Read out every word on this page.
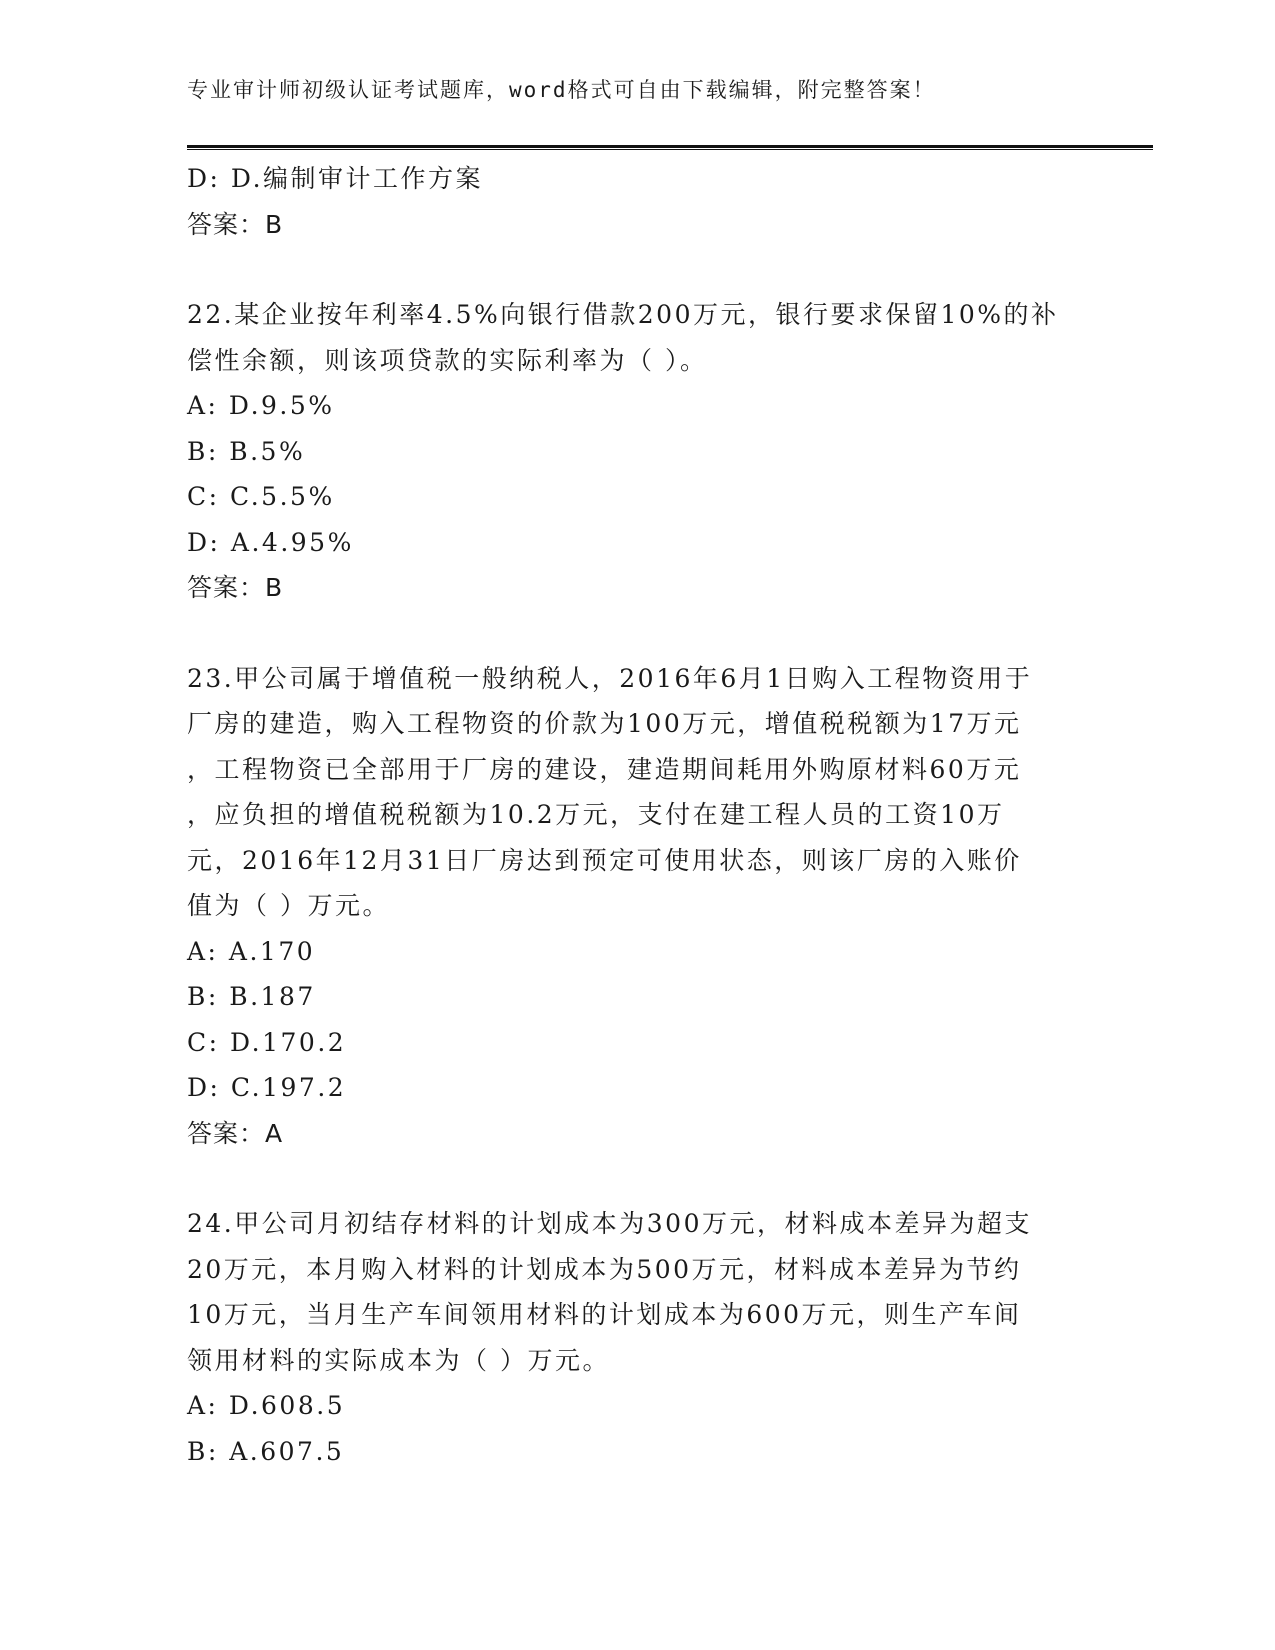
专业审计师初级认证考试题库，word格式可自由下载编辑，附完整答案！
D: D.编制审计工作方案
答案：B
22.某企业按年利率4.5%向银行借款200万元，银行要求保留10%的补
偿性余额，则该项贷款的实际利率为（ ）。
A: D.9.5%
B: B.5%
C: C.5.5%
D: A.4.95%
答案：B
23.甲公司属于增值税一般纳税人，2016年6月1日购入工程物资用于
厂房的建造，购入工程物资的价款为100万元，增值税税额为17万元
，工程物资已全部用于厂房的建设，建造期间耗用外购原材料60万元
，应负担的增值税税额为10.2万元，支付在建工程人员的工资10万
元，2016年12月31日厂房达到预定可使用状态，则该厂房的入账价
值为（ ）万元。
A: A.170
B: B.187
C: D.170.2
D: C.197.2
答案：A
24.甲公司月初结存材料的计划成本为300万元，材料成本差异为超支
20万元，本月购入材料的计划成本为500万元，材料成本差异为节约
10万元，当月生产车间领用材料的计划成本为600万元，则生产车间
领用材料的实际成本为（ ）万元。
A: D.608.5
B: A.607.5
